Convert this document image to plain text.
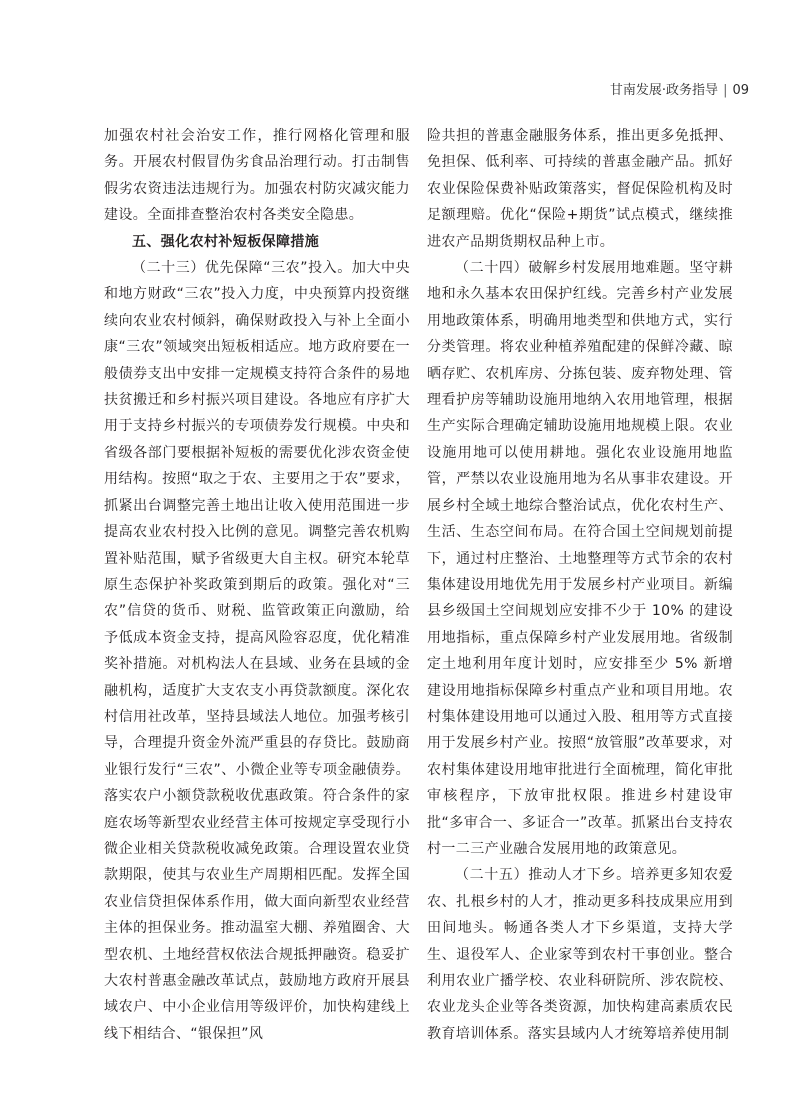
甘南发展·政务指导 | 09

加强农村社会治安工作，推行网格化管理和服务。开展农村假冒伪劣食品治理行动。打击制售假劣农资违法违规行为。加强农村防灾减灾能力建设。全面排查整治农村各类安全隐患。

五、强化农村补短板保障措施

（二十三）优先保障“三农”投入。加大中央和地方财政“三农”投入力度，中央预算内投资继续向农业农村倾斜，确保财政投入与补上全面小康“三农”领域突出短板相适应。地方政府要在一般债券支出中安排一定规模支持符合条件的易地扶贫搬迁和乡村振兴项目建设。各地应有序扩大用于支持乡村振兴的专项债券发行规模。中央和省级各部门要根据补短板的需要优化涉农资金使用结构。按照“取之于农、主要用之于农”要求，抓紧出台调整完善土地出让收入使用范围进一步提高农业农村投入比例的意见。调整完善农机购置补贴范围，赋予省级更大自主权。研究本轮草原生态保护补奖政策到期后的政策。强化对“三农”信贷的货币、财税、监管政策正向激励，给予低成本资金支持，提高风险容忍度，优化精准奖补措施。对机构法人在县域、业务在县域的金融机构，适度扩大支农支小再贷款额度。深化农村信用社改革，坚持县域法人地位。加强考核引导，合理提升资金外流严重县的存贷比。鼓励商业银行发行“三农”、小微企业等专项金融债券。落实农户小额贷款税收优惠政策。符合条件的家庭农场等新型农业经营主体可按规定享受现行小微企业相关贷款税收减免政策。合理设置农业贷款期限，使其与农业生产周期相匹配。发挥全国农业信贷担保体系作用，做大面向新型农业经营主体的担保业务。推动温室大棚、养殖圈舍、大型农机、土地经营权依法合规抵押融资。稳妥扩大农村普惠金融改革试点，鼓励地方政府开展县域农户、中小企业信用等级评价，加快构建线上线下相结合、“银保担”风

险共担的普惠金融服务体系，推出更多免抵押、免担保、低利率、可持续的普惠金融产品。抓好农业保险保费补贴政策落实，督促保险机构及时足额理赔。优化“保险+期货”试点模式，继续推进农产品期货期权品种上市。

（二十四）破解乡村发展用地难题。坚守耕地和永久基本农田保护红线。完善乡村产业发展用地政策体系，明确用地类型和供地方式，实行分类管理。将农业种植养殖配建的保鲜冷藏、晾晒存贮、农机库房、分拣包装、废弃物处理、管理看护房等辅助设施用地纳入农用地管理，根据生产实际合理确定辅助设施用地规模上限。农业设施用地可以使用耕地。强化农业设施用地监管，严禁以农业设施用地为名从事非农建设。开展乡村全域土地综合整治试点，优化农村生产、生活、生态空间布局。在符合国土空间规划前提下，通过村庄整治、土地整理等方式节余的农村集体建设用地优先用于发展乡村产业项目。新编县乡级国土空间规划应安排不少于 10% 的建设用地指标，重点保障乡村产业发展用地。省级制定土地利用年度计划时，应安排至少 5% 新增建设用地指标保障乡村重点产业和项目用地。农村集体建设用地可以通过入股、租用等方式直接用于发展乡村产业。按照“放管服”改革要求，对农村集体建设用地审批进行全面梳理，简化审批审核程序，下放审批权限。推进乡村建设审批“多审合一、多证合一”改革。抓紧出台支持农村一二三产业融合发展用地的政策意见。

（二十五）推动人才下乡。培养更多知农爱农、扎根乡村的人才，推动更多科技成果应用到田间地头。畅通各类人才下乡渠道，支持大学生、退役军人、企业家等到农村干事创业。整合利用农业广播学校、农业科研院所、涉农院校、农业龙头企业等各类资源，加快构建高素质农民教育培训体系。落实县域内人才统筹培养使用制
